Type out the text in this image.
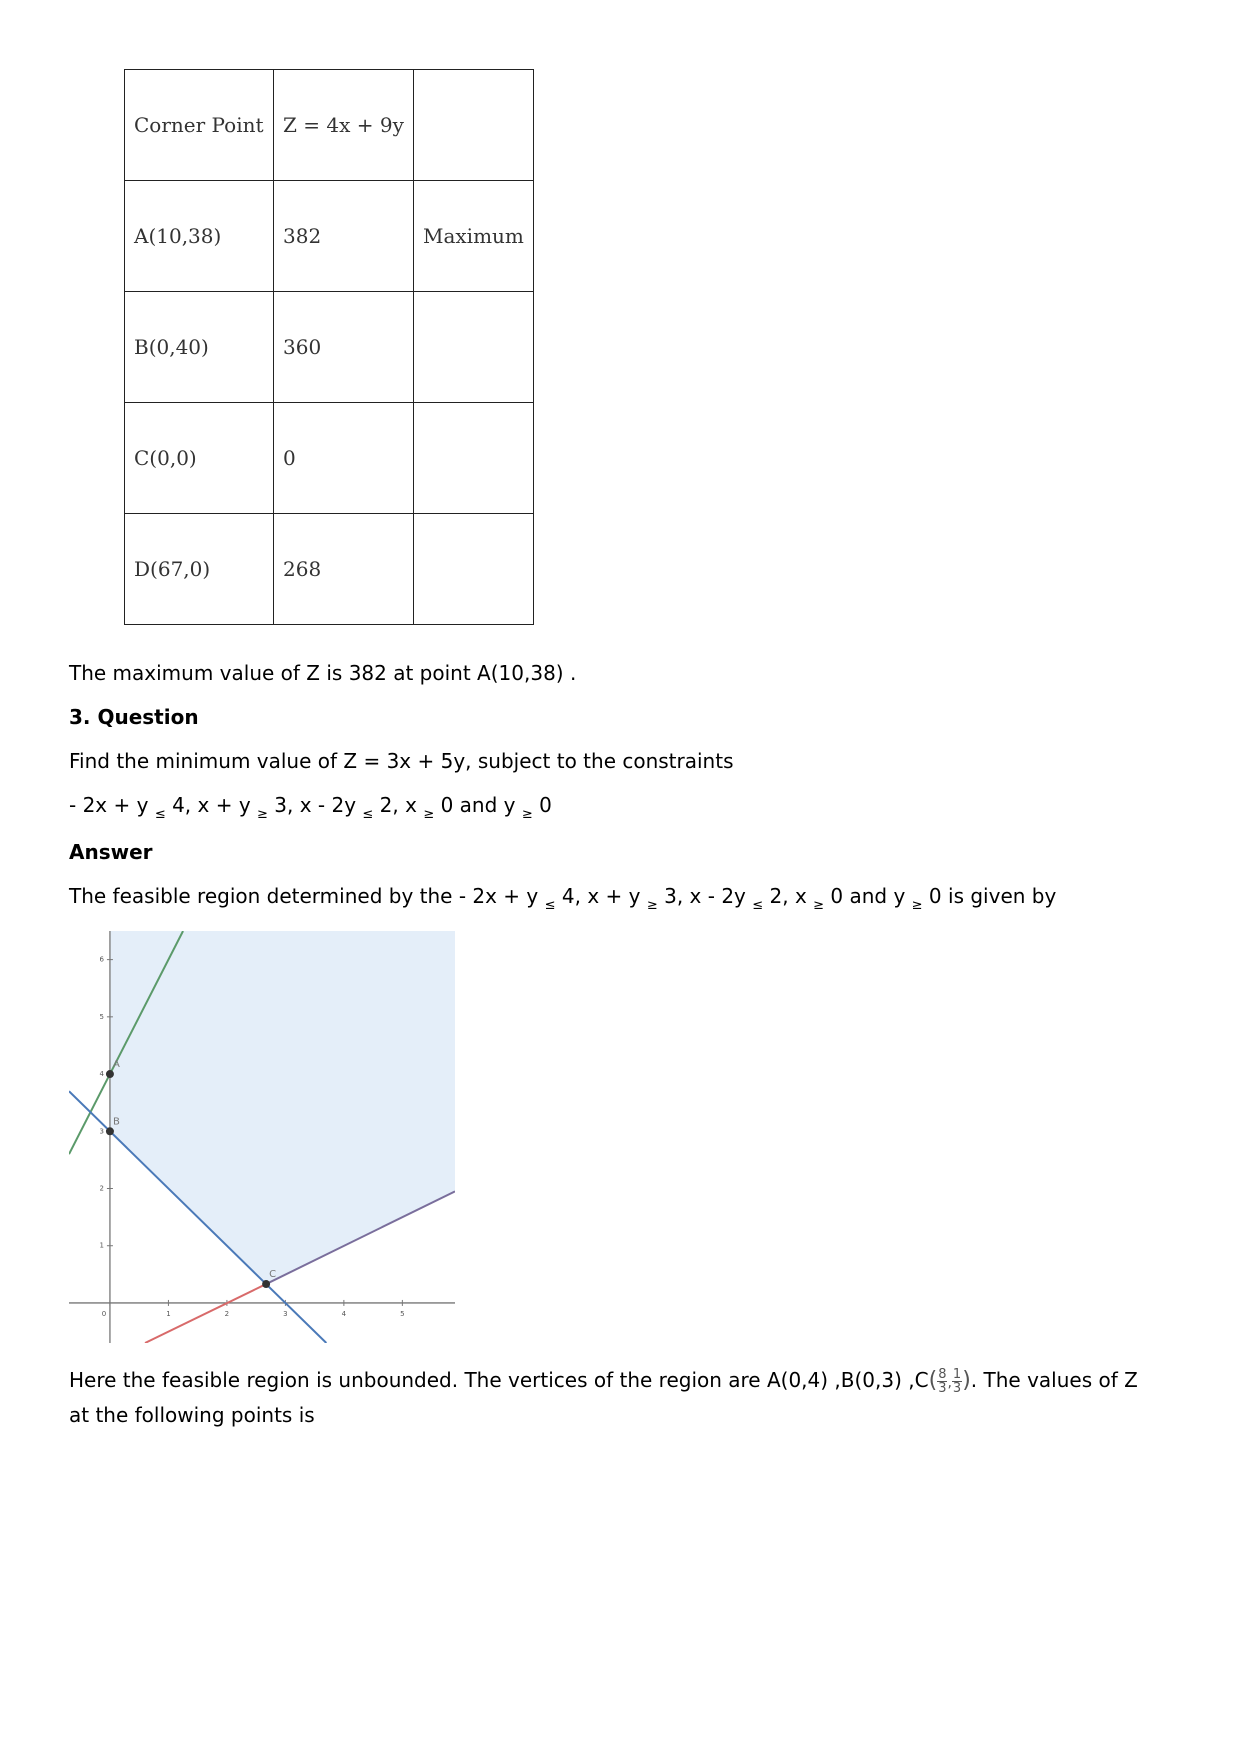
Corner Point	Z = 4x + 9y	
A(10,38)	382	Maximum
B(0,40)	360	
C(0,0)	0	
D(67,0)	268	
The maximum value of Z is 382 at point A(10,38) .
3. Question
Find the minimum value of Z = 3x + 5y, subject to the constraints
- 2x + y $_\le$ 4, x + y $_\ge$ 3, x - 2y $_\le$ 2, x $_\ge$ 0 and y $_\ge$ 0
Answer
The feasible region determined by the - 2x + y $_\le$ 4, x + y $_\ge$ 3, x - 2y $_\le$ 2, x $_\ge$ 0 and y $_\ge$ 0 is given by
0	1	2	3	4	5
1
2
3
4
5
6
A
B
C
Here the feasible region is unbounded. The vertices of the region are A(0,4) ,B(0,3) $,C( \frac{8}{3}$ , $\frac{1}{3}$ ). The values of Z
at the following points is
